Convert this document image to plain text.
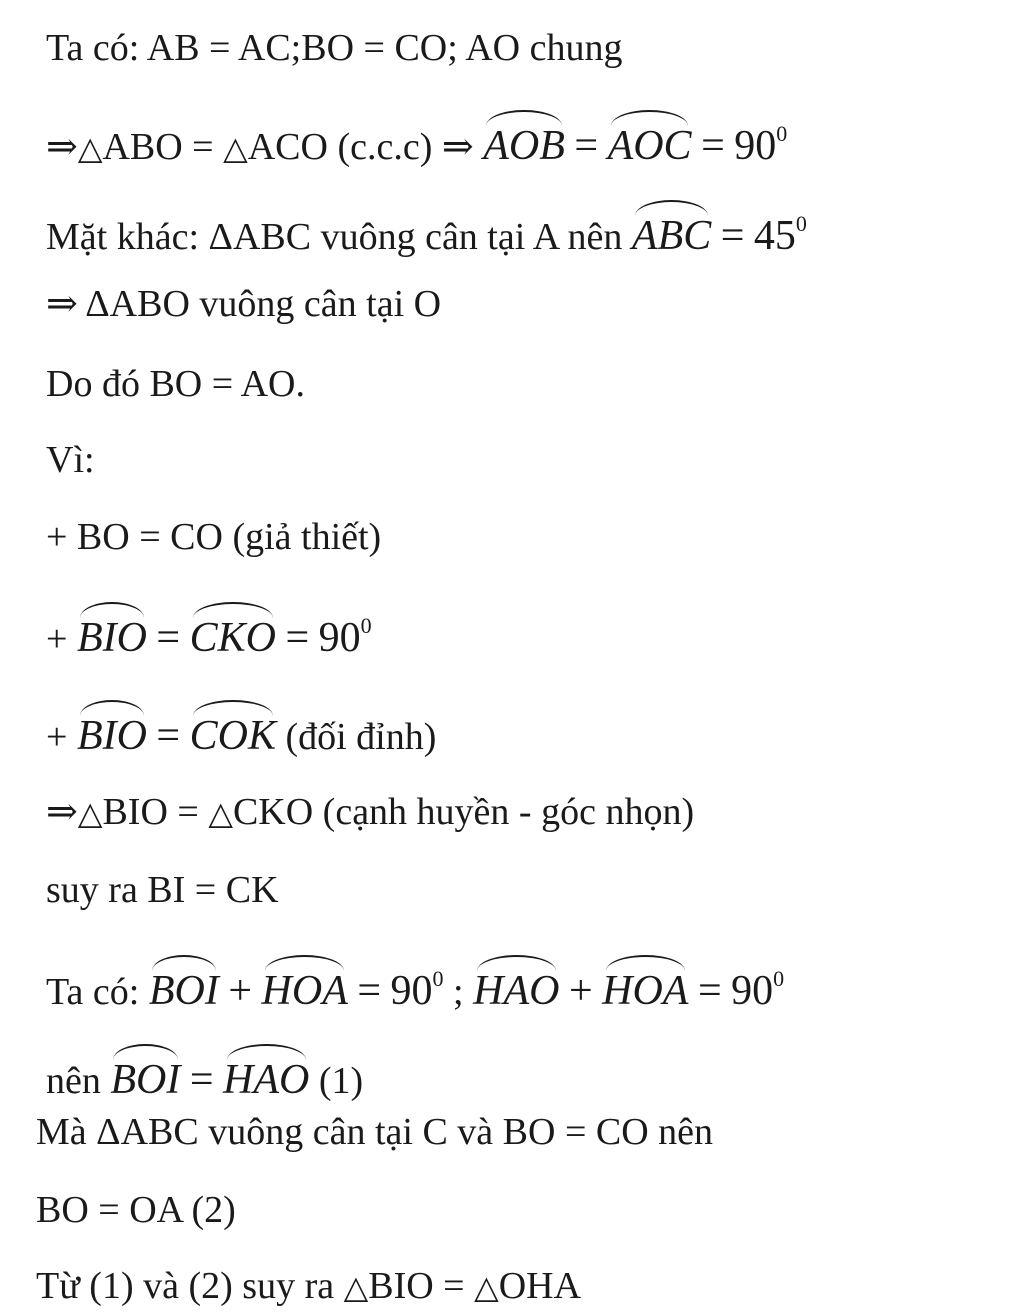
Ta có: AB = AC;BO = CO; AO chung
⇒△ABO = △ACO (c.c.c) ⇒ AOB = AOC = $90^0$
Mặt khác: ΔABC vuông cân tại A nên ABC = $45^0$
⇒ ΔABO vuông cân tại O
Do đó BO = AO.
Vì:
+ BO = CO (giả thiết)
+ BIO = CKO = $90^0$
+ BIO = COK (đối đỉnh)
⇒△BIO = △CKO (cạnh huyền - góc nhọn)
suy ra BI = CK
Ta có: BOI + HOA = $90^0$ ; HAO + HOA = $90^0$
nên BOI = HAO (1)
Mà ΔABC vuông cân tại C và BO = CO nên
BO = OA (2)
Từ (1) và (2) suy ra △BIO = △OHA
